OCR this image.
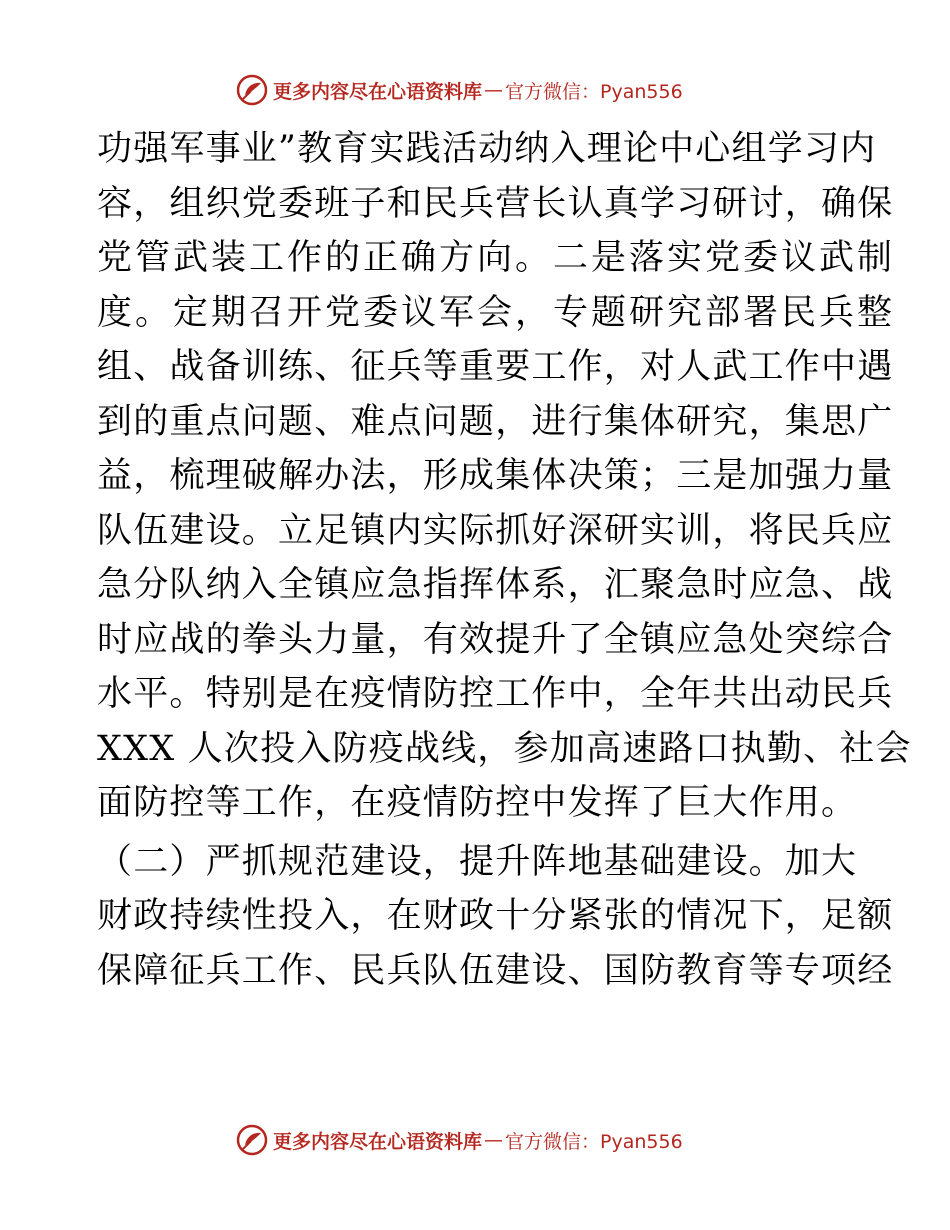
更多内容尽在心语资料库 — 官方微信：Pyan556
功强军事业”教育实践活动纳入理论中心组学习内
容，组织党委班子和民兵营长认真学习研讨，确保
党管武装工作的正确方向。二是落实党委议武制
度。定期召开党委议军会，专题研究部署民兵整
组、战备训练、征兵等重要工作，对人武工作中遇
到的重点问题、难点问题，进行集体研究，集思广
益，梳理破解办法，形成集体决策；三是加强力量
队伍建设。立足镇内实际抓好深研实训，将民兵应
急分队纳入全镇应急指挥体系，汇聚急时应急、战
时应战的拳头力量，有效提升了全镇应急处突综合
水平。特别是在疫情防控工作中，全年共出动民兵
XXX 人次投入防疫战线，参加高速路口执勤、社会
面防控等工作，在疫情防控中发挥了巨大作用。
（二）严抓规范建设，提升阵地基础建设。加大
财政持续性投入，在财政十分紧张的情况下，足额
保障征兵工作、民兵队伍建设、国防教育等专项经
更多内容尽在心语资料库 — 官方微信：Pyan556
